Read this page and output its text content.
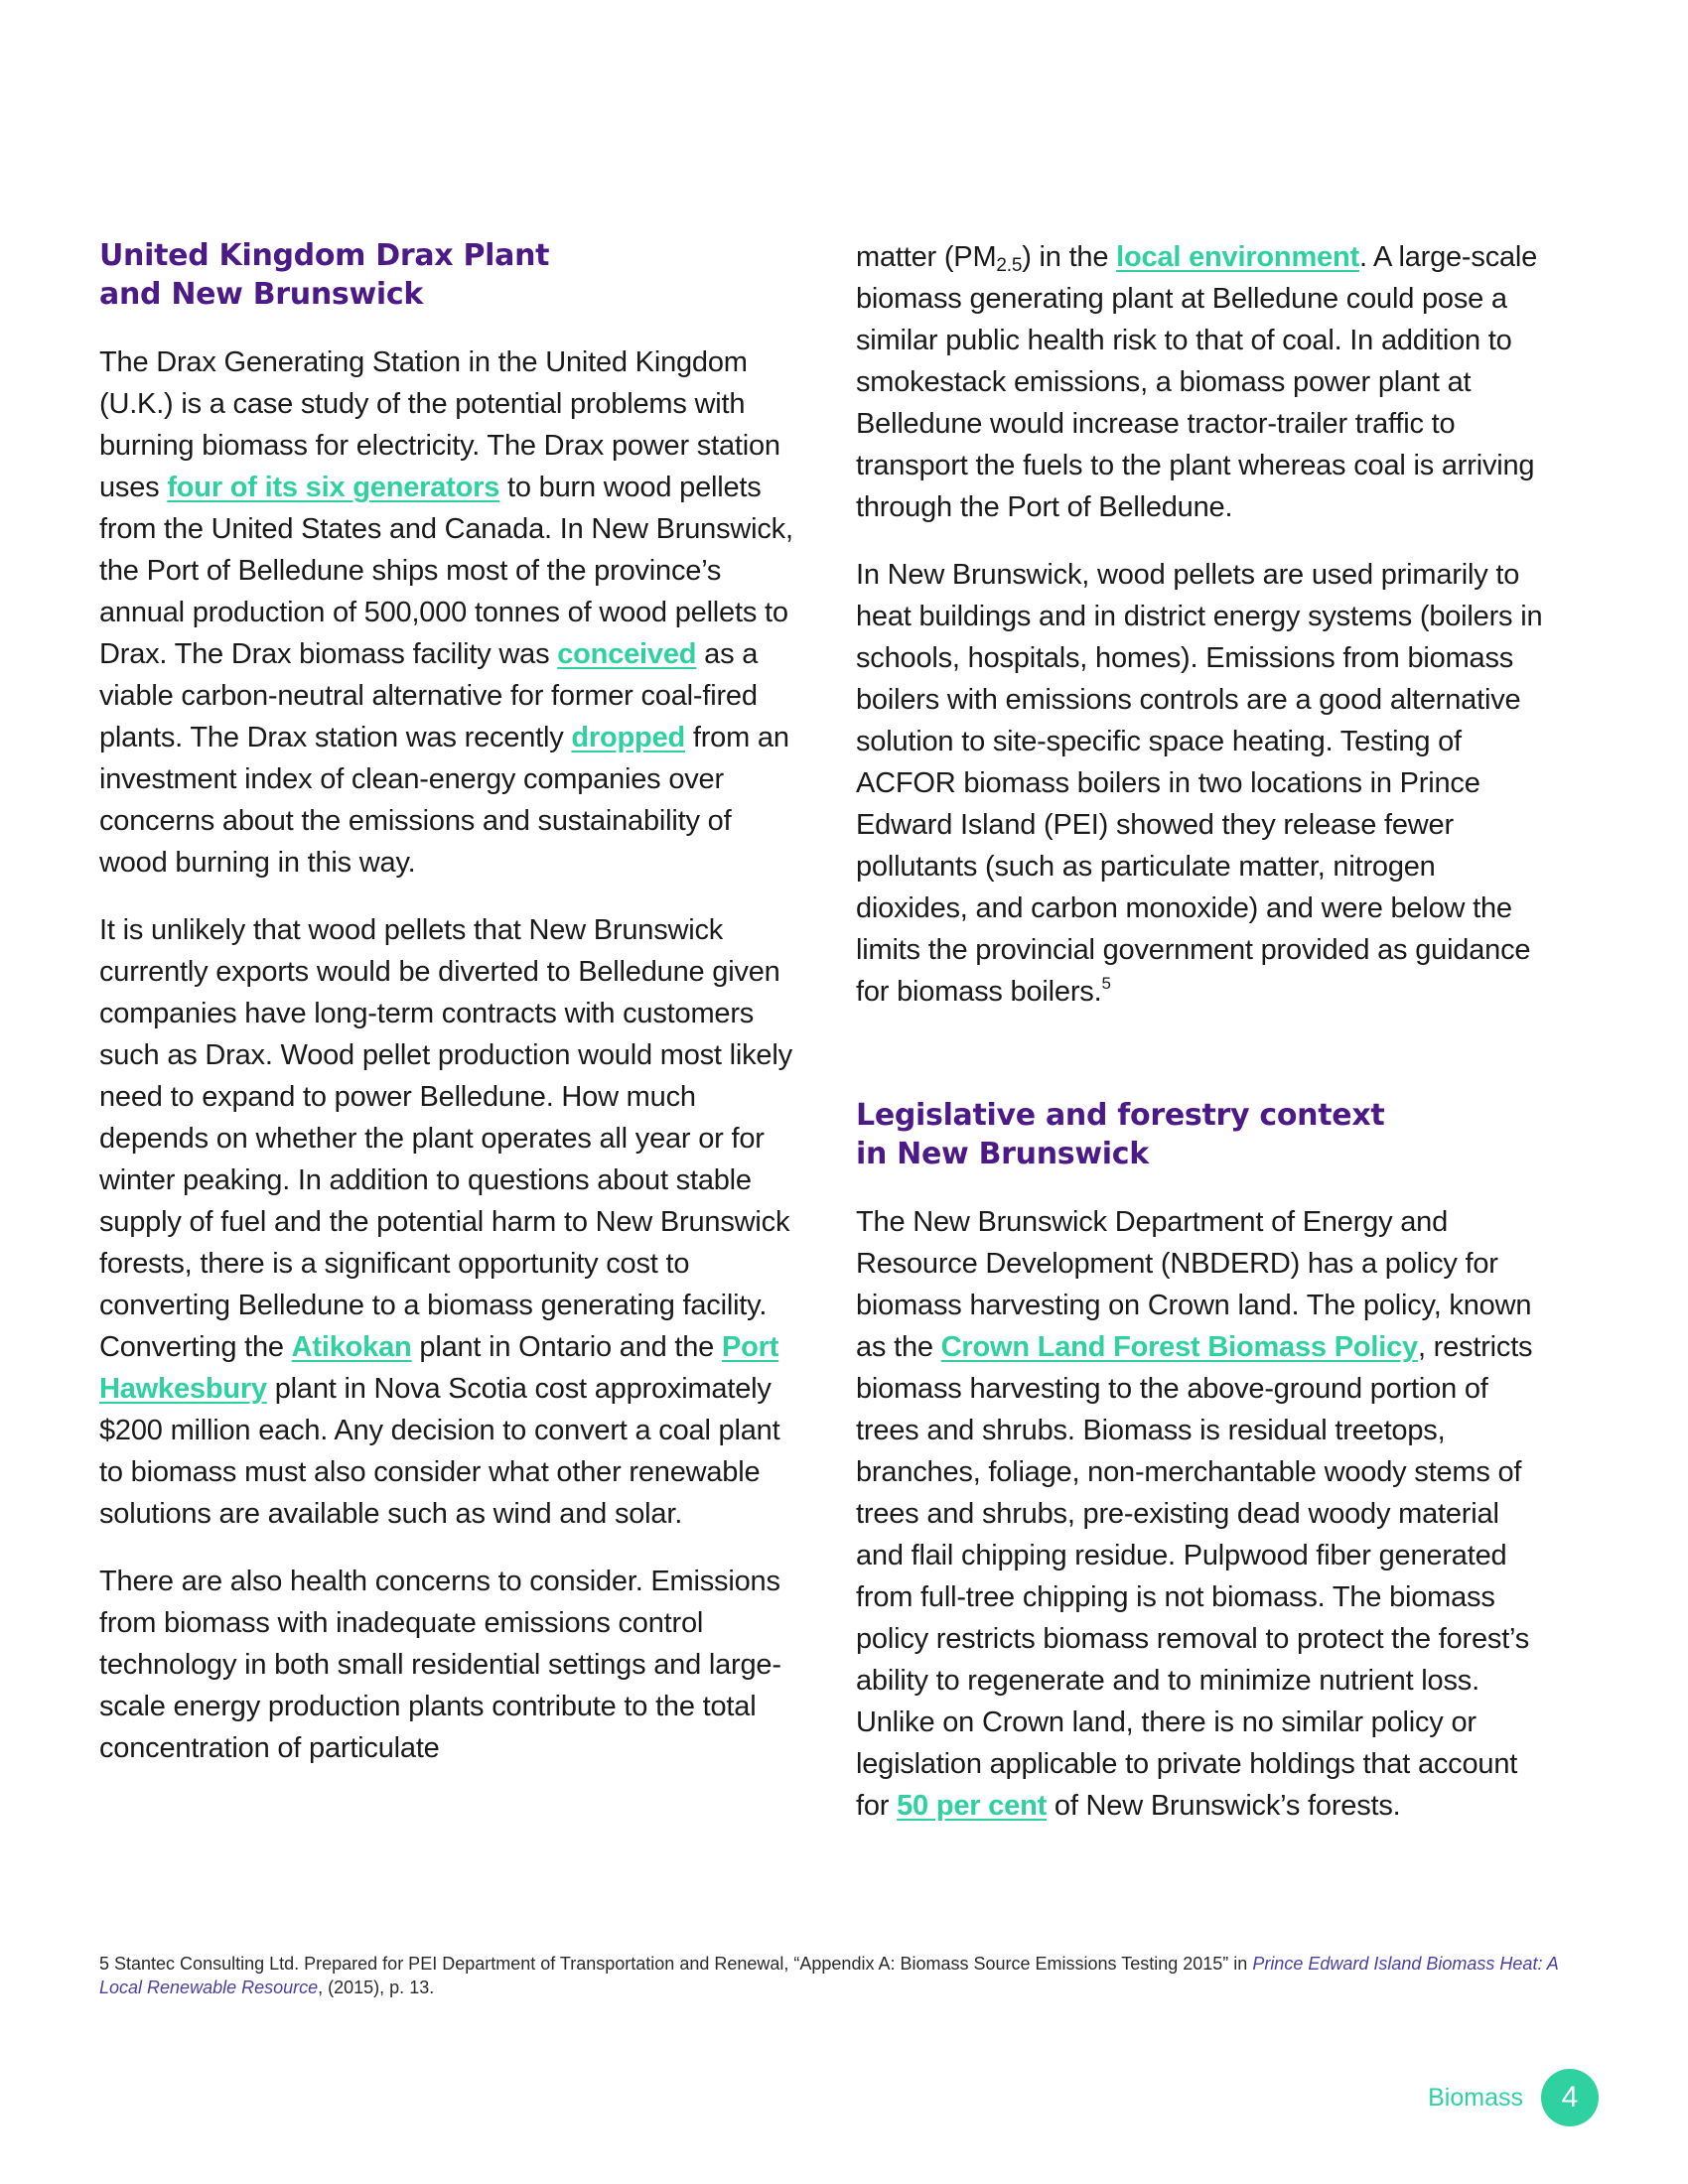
United Kingdom Drax Plant
and New Brunswick

The Drax Generating Station in the United Kingdom (U.K.) is a case study of the potential problems with burning biomass for electricity. The Drax power station uses four of its six generators to burn wood pellets from the United States and Canada. In New Brunswick, the Port of Belledune ships most of the province’s annual production of 500,000 tonnes of wood pellets to Drax. The Drax biomass facility was conceived as a viable carbon-neutral alternative for former coal-fired plants. The Drax station was recently dropped from an investment index of clean-energy companies over concerns about the emissions and sustainability of wood burning in this way.

It is unlikely that wood pellets that New Brunswick currently exports would be diverted to Belledune given companies have long-term contracts with customers such as Drax. Wood pellet production would most likely need to expand to power Belledune. How much depends on whether the plant operates all year or for winter peaking. In addition to questions about stable supply of fuel and the potential harm to New Brunswick forests, there is a significant opportunity cost to converting Belledune to a biomass generating facility. Converting the Atikokan plant in Ontario and the Port Hawkesbury plant in Nova Scotia cost approximately $200 million each. Any decision to convert a coal plant to biomass must also consider what other renewable solutions are available such as wind and solar.

There are also health concerns to consider. Emissions from biomass with inadequate emissions control technology in both small residential settings and large-scale energy production plants contribute to the total concentration of particulate

matter $(PM_{2.5})$ in the local environment. A large-scale biomass generating plant at Belledune could pose a similar public health risk to that of coal. In addition to smokestack emissions, a biomass power plant at Belledune would increase tractor-trailer traffic to transport the fuels to the plant whereas coal is arriving through the Port of Belledune.

In New Brunswick, wood pellets are used primarily to heat buildings and in district energy systems (boilers in schools, hospitals, homes). Emissions from biomass boilers with emissions controls are a good alternative solution to site-specific space heating. Testing of ACFOR biomass boilers in two locations in Prince Edward Island (PEI) showed they release fewer pollutants (such as particulate matter, nitrogen dioxides, and carbon monoxide) and were below the limits the provincial government provided as guidance for biomass boilers.$^5$

Legislative and forestry context
in New Brunswick

The New Brunswick Department of Energy and Resource Development (NBDERD) has a policy for biomass harvesting on Crown land. The policy, known as the Crown Land Forest Biomass Policy, restricts biomass harvesting to the above-ground portion of trees and shrubs. Biomass is residual treetops, branches, foliage, non-merchantable woody stems of trees and shrubs, pre-existing dead woody material and flail chipping residue. Pulpwood fiber generated from full-tree chipping is not biomass. The biomass policy restricts biomass removal to protect the forest’s ability to regenerate and to minimize nutrient loss. Unlike on Crown land, there is no similar policy or legislation applicable to private holdings that account for 50 per cent of New Brunswick’s forests.

5 Stantec Consulting Ltd. Prepared for PEI Department of Transportation and Renewal, “Appendix A: Biomass Source Emissions Testing 2015” in Prince Edward Island Biomass Heat: A Local Renewable Resource, (2015), p. 13.
Biomass	4
